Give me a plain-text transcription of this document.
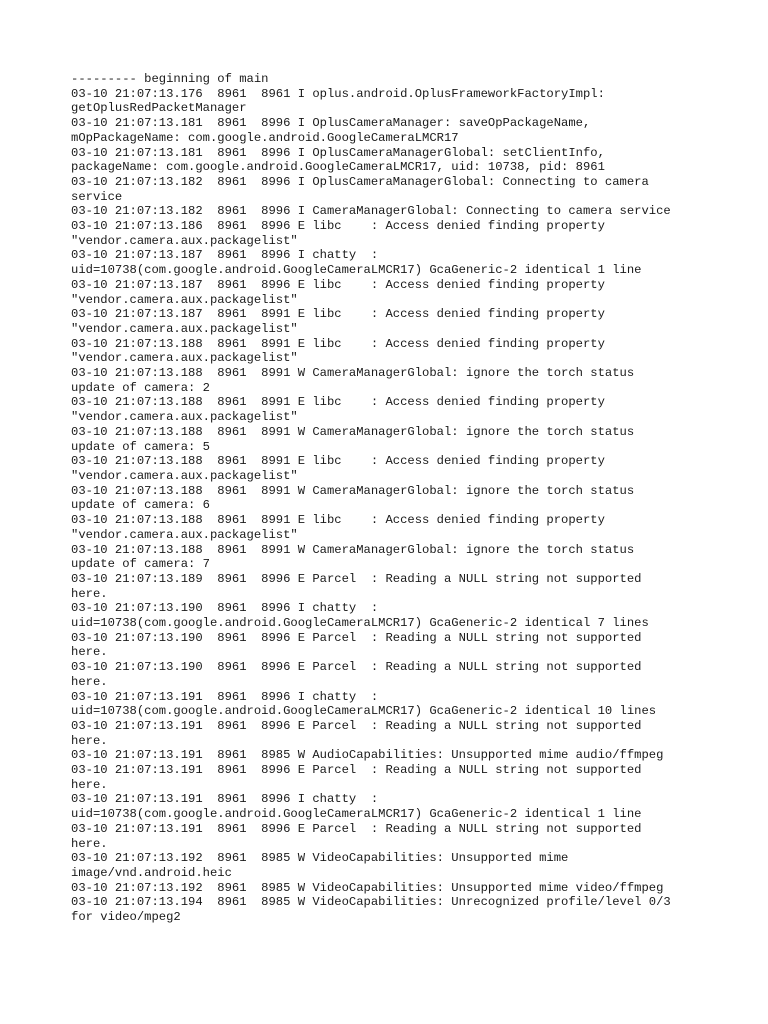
--------- beginning of main
03-10 21:07:13.176  8961  8961 I oplus.android.OplusFrameworkFactoryImpl:
getOplusRedPacketManager
03-10 21:07:13.181  8961  8996 I OplusCameraManager: saveOpPackageName,
mOpPackageName: com.google.android.GoogleCameraLMCR17
03-10 21:07:13.181  8961  8996 I OplusCameraManagerGlobal: setClientInfo,
packageName: com.google.android.GoogleCameraLMCR17, uid: 10738, pid: 8961
03-10 21:07:13.182  8961  8996 I OplusCameraManagerGlobal: Connecting to camera
service
03-10 21:07:13.182  8961  8996 I CameraManagerGlobal: Connecting to camera service
03-10 21:07:13.186  8961  8996 E libc    : Access denied finding property
"vendor.camera.aux.packagelist"
03-10 21:07:13.187  8961  8996 I chatty  :
uid=10738(com.google.android.GoogleCameraLMCR17) GcaGeneric-2 identical 1 line
03-10 21:07:13.187  8961  8996 E libc    : Access denied finding property
"vendor.camera.aux.packagelist"
03-10 21:07:13.187  8961  8991 E libc    : Access denied finding property
"vendor.camera.aux.packagelist"
03-10 21:07:13.188  8961  8991 E libc    : Access denied finding property
"vendor.camera.aux.packagelist"
03-10 21:07:13.188  8961  8991 W CameraManagerGlobal: ignore the torch status
update of camera: 2
03-10 21:07:13.188  8961  8991 E libc    : Access denied finding property
"vendor.camera.aux.packagelist"
03-10 21:07:13.188  8961  8991 W CameraManagerGlobal: ignore the torch status
update of camera: 5
03-10 21:07:13.188  8961  8991 E libc    : Access denied finding property
"vendor.camera.aux.packagelist"
03-10 21:07:13.188  8961  8991 W CameraManagerGlobal: ignore the torch status
update of camera: 6
03-10 21:07:13.188  8961  8991 E libc    : Access denied finding property
"vendor.camera.aux.packagelist"
03-10 21:07:13.188  8961  8991 W CameraManagerGlobal: ignore the torch status
update of camera: 7
03-10 21:07:13.189  8961  8996 E Parcel  : Reading a NULL string not supported
here.
03-10 21:07:13.190  8961  8996 I chatty  :
uid=10738(com.google.android.GoogleCameraLMCR17) GcaGeneric-2 identical 7 lines
03-10 21:07:13.190  8961  8996 E Parcel  : Reading a NULL string not supported
here.
03-10 21:07:13.190  8961  8996 E Parcel  : Reading a NULL string not supported
here.
03-10 21:07:13.191  8961  8996 I chatty  :
uid=10738(com.google.android.GoogleCameraLMCR17) GcaGeneric-2 identical 10 lines
03-10 21:07:13.191  8961  8996 E Parcel  : Reading a NULL string not supported
here.
03-10 21:07:13.191  8961  8985 W AudioCapabilities: Unsupported mime audio/ffmpeg
03-10 21:07:13.191  8961  8996 E Parcel  : Reading a NULL string not supported
here.
03-10 21:07:13.191  8961  8996 I chatty  :
uid=10738(com.google.android.GoogleCameraLMCR17) GcaGeneric-2 identical 1 line
03-10 21:07:13.191  8961  8996 E Parcel  : Reading a NULL string not supported
here.
03-10 21:07:13.192  8961  8985 W VideoCapabilities: Unsupported mime
image/vnd.android.heic
03-10 21:07:13.192  8961  8985 W VideoCapabilities: Unsupported mime video/ffmpeg
03-10 21:07:13.194  8961  8985 W VideoCapabilities: Unrecognized profile/level 0/3
for video/mpeg2
